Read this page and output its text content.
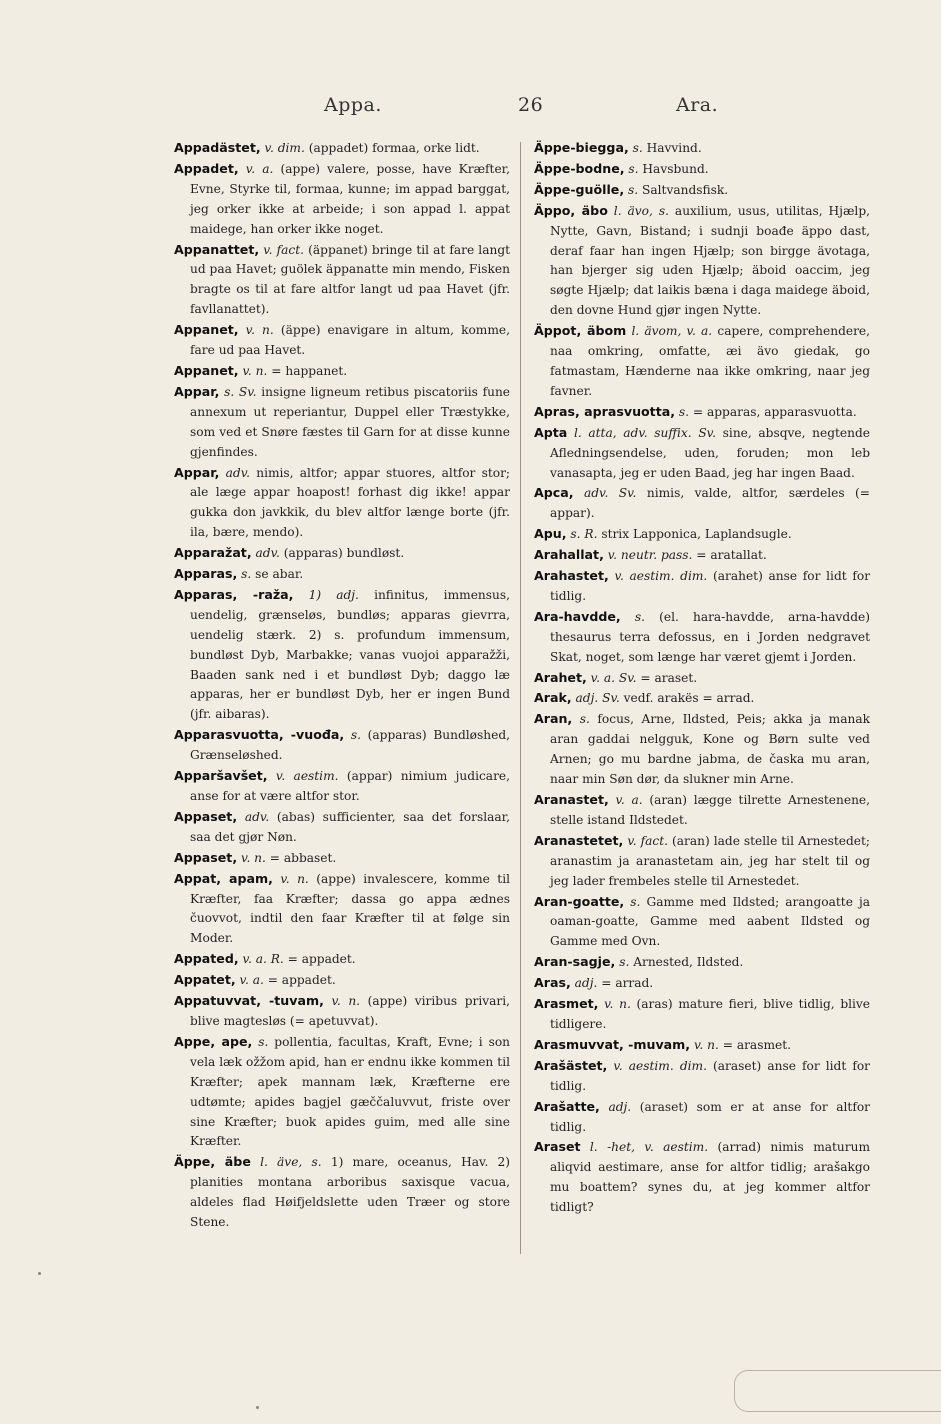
Appa.	26	Ara.

Appadästet, v. dim. (appadet) formaa, orke lidt.

Appadet, v. a. (appe) valere, posse, have Kræfter, Evne, Styrke til, formaa, kunne; im appad barggat, jeg orker ikke at arbeide; i son appad l. appat maidege, han orker ikke noget.

Appanattet, v. fact. (äppanet) bringe til at fare langt ud paa Havet; guölek äppanatte min mendo, Fisken bragte os til at fare altfor langt ud paa Havet (jfr. favllanattet).

Appanet, v. n. (äppe) enavigare in altum, komme, fare ud paa Havet.

Appanet, v. n. = happanet.

Appar, s. Sv. insigne ligneum retibus piscatoriis fune annexum ut reperiantur, Duppel eller Træstykke, som ved et Snøre fæstes til Garn for at disse kunne gjenfindes.

Appar, adv. nimis, altfor; appar stuores, altfor stor; ale læge appar hoapost! forhast dig ikke! appar gukka don javkkik, du blev altfor længe borte (jfr. ila, bære, mendo).

Apparažat, adv. (apparas) bundløst.

Apparas, s. se abar.

Apparas, -raža, 1) adj. infinitus, immensus, uendelig, grænseløs, bundløs; apparas gievrra, uendelig stærk. 2) s. profundum immensum, bundløst Dyb, Marbakke; vanas vuojoi apparažži, Baaden sank ned i et bundløst Dyb; daggo læ apparas, her er bundløst Dyb, her er ingen Bund (jfr. aibaras).

Apparasvuotta, -vuođa, s. (apparas) Bundløshed, Grænseløshed.

Apparšavšet, v. aestim. (appar) nimium judicare, anse for at være altfor stor.

Appaset, adv. (abas) sufficienter, saa det forslaar, saa det gjør Nøn.

Appaset, v. n. = abbaset.

Appat, apam, v. n. (appe) invalescere, komme til Kræfter, faa Kræfter; dassa go appa ædnes čuovvot, indtil den faar Kræfter til at følge sin Moder.

Appated, v. a. R. = appadet.

Appatet, v. a. = appadet.

Appatuvvat, -tuvam, v. n. (appe) viribus privari, blive magtesløs (= apetuvvat).

Appe, ape, s. pollentia, facultas, Kraft, Evne; i son vela læk ožžom apid, han er endnu ikke kommen til Kræfter; apek mannam læk, Kræfterne ere udtømte; apides bagjel gæččaluvvut, friste over sine Kræfter; buok apides guim, med alle sine Kræfter.

Äppe, äbe l. äve, s. 1) mare, oceanus, Hav. 2) planities montana arboribus saxisque vacua, aldeles flad Høifjeldslette uden Træer og store Stene.

Äppe-biegga, s. Havvind.

Äppe-bodne, s. Havsbund.

Äppe-guölle, s. Saltvandsfisk.

Äppo, äbo l. ävo, s. auxilium, usus, utilitas, Hjælp, Nytte, Gavn, Bistand; i sudnji boađe äppo dast, deraf faar han ingen Hjælp; son birgge ävotaga, han bjerger sig uden Hjælp; äboid oaccim, jeg søgte Hjælp; dat laikis bæna i daga maidege äboid, den dovne Hund gjør ingen Nytte.

Äppot, äbom l. ävom, v. a. capere, comprehendere, naa omkring, omfatte, æi ävo giedak, go fatmastam, Hænderne naa ikke omkring, naar jeg favner.

Apras, aprasvuotta, s. = apparas, apparasvuotta.

Apta l. atta, adv. suffix. Sv. sine, absqve, negtende Afledningsendelse, uden, foruden; mon leb vanasapta, jeg er uden Baad, jeg har ingen Baad.

Apca, adv. Sv. nimis, valde, altfor, særdeles (= appar).

Apu, s. R. strix Lapponica, Laplandsugle.

Arahallat, v. neutr. pass. = aratallat.

Arahastet, v. aestim. dim. (arahet) anse for lidt for tidlig.

Ara-havdde, s. (el. hara-havdde, arna-havdde) thesaurus terra defossus, en i Jorden nedgravet Skat, noget, som længe har været gjemt i Jorden.

Arahet, v. a. Sv. = araset.

Arak, adj. Sv. vedf. arakës = arrad.

Aran, s. focus, Arne, Ildsted, Peis; akka ja manak aran gaddai nelgguk, Kone og Børn sulte ved Arnen; go mu bardne jabma, de časka mu aran, naar min Søn dør, da slukner min Arne.

Aranastet, v. a. (aran) lægge tilrette Arnestenene, stelle istand Ildstedet.

Aranastetet, v. fact. (aran) lade stelle til Arnestedet; aranastim ja aranastetam ain, jeg har stelt til og jeg lader frembeles stelle til Arnestedet.

Aran-goatte, s. Gamme med Ildsted; arangoatte ja oaman-goatte, Gamme med aabent Ildsted og Gamme med Ovn.

Aran-sagje, s. Arnested, Ildsted.

Aras, adj. = arrad.

Arasmet, v. n. (aras) mature fieri, blive tidlig, blive tidligere.

Arasmuvvat, -muvam, v. n. = arasmet.

Arašästet, v. aestim. dim. (araset) anse for lidt for tidlig.

Arašatte, adj. (araset) som er at anse for altfor tidlig.

Araset l. -het, v. aestim. (arrad) nimis maturum aliqvid aestimare, anse for altfor tidlig; arašakgo mu boattem? synes du, at jeg kommer altfor tidligt?
